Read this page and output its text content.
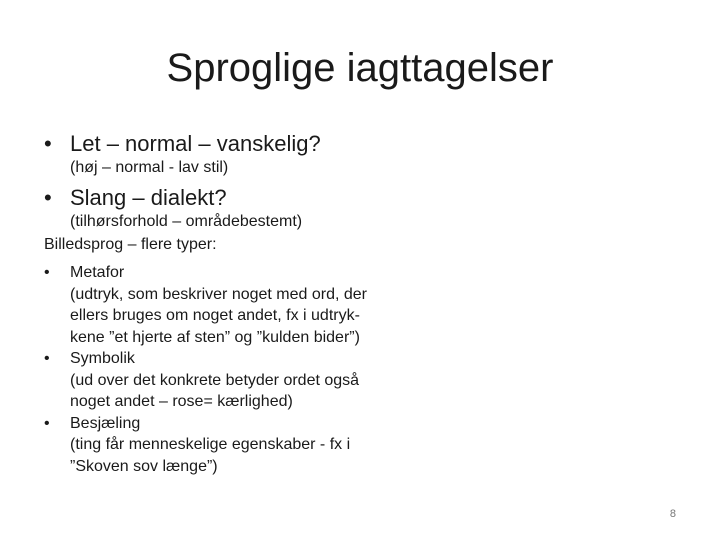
Sproglige iagttagelser
• Let – normal – vanskelig?
(høj – normal - lav stil)
• Slang – dialekt?
(tilhørsforhold – områdebestemt)
Billedsprog – flere typer:
•	Metafor
(udtryk, som beskriver noget med ord, der
ellers bruges om noget andet, fx i udtryk-
kene ”et hjerte af sten” og ”kulden bider”)
•	Symbolik
(ud over det konkrete betyder ordet også
noget andet – rose= kærlighed)
•	Besjæling
(ting får menneskelige egenskaber - fx i
”Skoven sov længe”)
8
